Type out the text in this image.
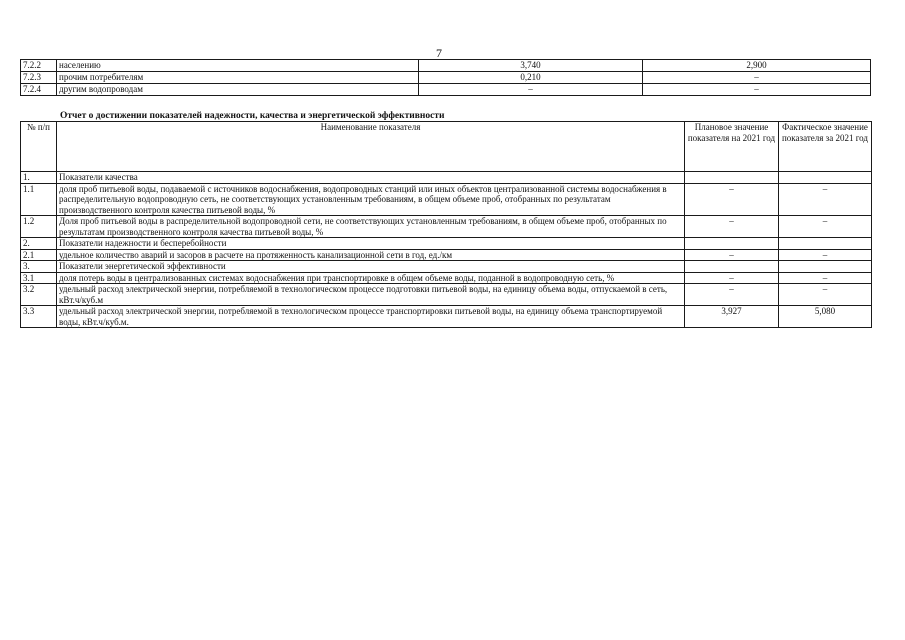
7
7.2.2	населению	3,740	2,900
7.2.3	прочим потребителям	0,210	–
7.2.4	другим водопроводам	–	–
Отчет о достижении показателей надежности, качества и энергетической эффективности
№ п/п	Наименование показателя	Плановое значение показателя на 2021 год	Фактическое значение показателя за 2021 год
1.	Показатели качества		
1.1	доля проб питьевой воды, подаваемой с источников водоснабжения, водопроводных станций или иных объектов централизованной системы водоснабжения в распределительную водопроводную сеть, не соответствующих установленным требованиям, в общем объеме проб, отобранных по результатам производственного контроля качества питьевой воды, %	–	–
1.2	Доля проб питьевой воды в распределительной водопроводной сети, не соответствующих установленным требованиям, в общем объеме проб, отобранных по результатам производственного контроля качества питьевой воды, %	–	–
2.	Показатели надежности и бесперебойности		
2.1	удельное количество аварий и засоров в расчете на протяженность канализационной сети в год, ед./км	–	–
3.	Показатели энергетической эффективности		
3.1	доля потерь воды в централизованных системах водоснабжения при транспортировке в общем объеме воды, поданной в водопроводную сеть, %	–	–
3.2	удельный расход электрической энергии, потребляемой в технологическом процессе подготовки питьевой воды, на единицу объема воды, отпускаемой в сеть, кВт.ч/куб.м	–	–
3.3	удельный расход электрической энергии, потребляемой в технологическом процессе транспортировки питьевой воды, на единицу объема транспортируемой воды, кВт.ч/куб.м.	3,927	5,080
